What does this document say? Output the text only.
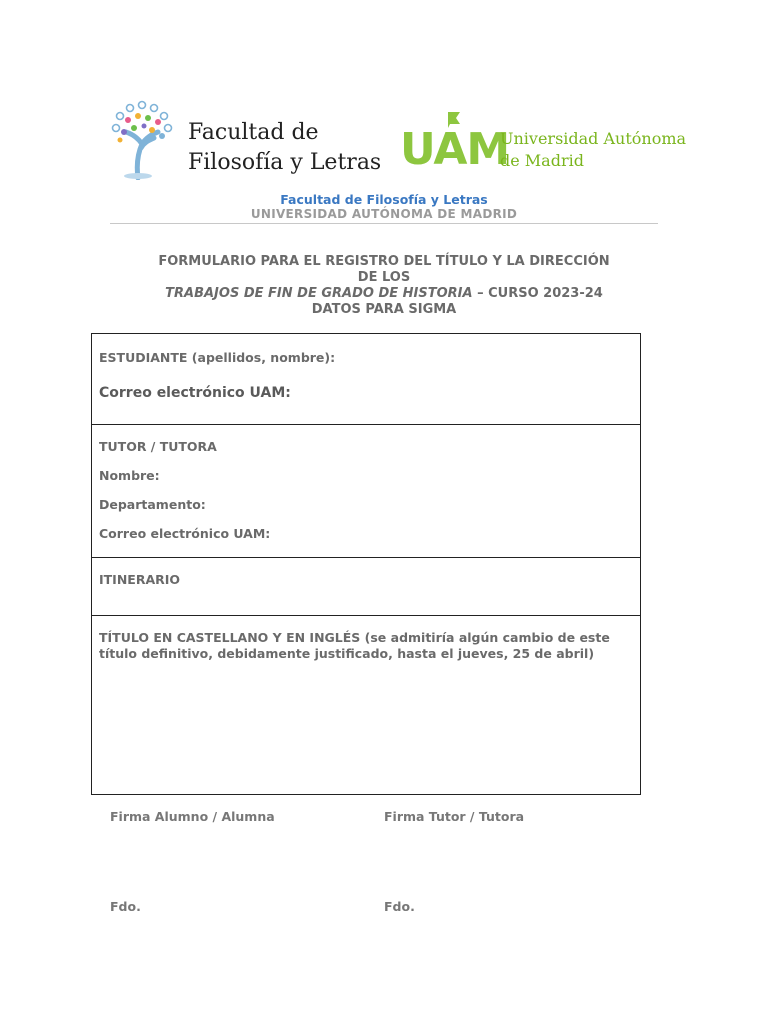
Facultad de
Filosofía y Letras UAM
Universidad Autónoma
de Madrid
Facultad de Filosofía y Letras
UNIVERSIDAD AUTÓNOMA DE MADRID
FORMULARIO PARA EL REGISTRO DEL TÍTULO Y LA DIRECCIÓN
DE LOS
TRABAJOS DE FIN DE GRADO DE HISTORIA – CURSO 2023-24
DATOS PARA SIGMA
ESTUDIANTE (apellidos, nombre):
Correo electrónico UAM:
TUTOR / TUTORA
Nombre:
Departamento:
Correo electrónico UAM:
ITINERARIO
TÍTULO EN CASTELLANO Y EN INGLÉS (se admitiría algún cambio de este título definitivo, debidamente justificado, hasta el jueves, 25 de abril)
Firma Alumno / Alumna	Firma Tutor / Tutora
Fdo.	Fdo.
